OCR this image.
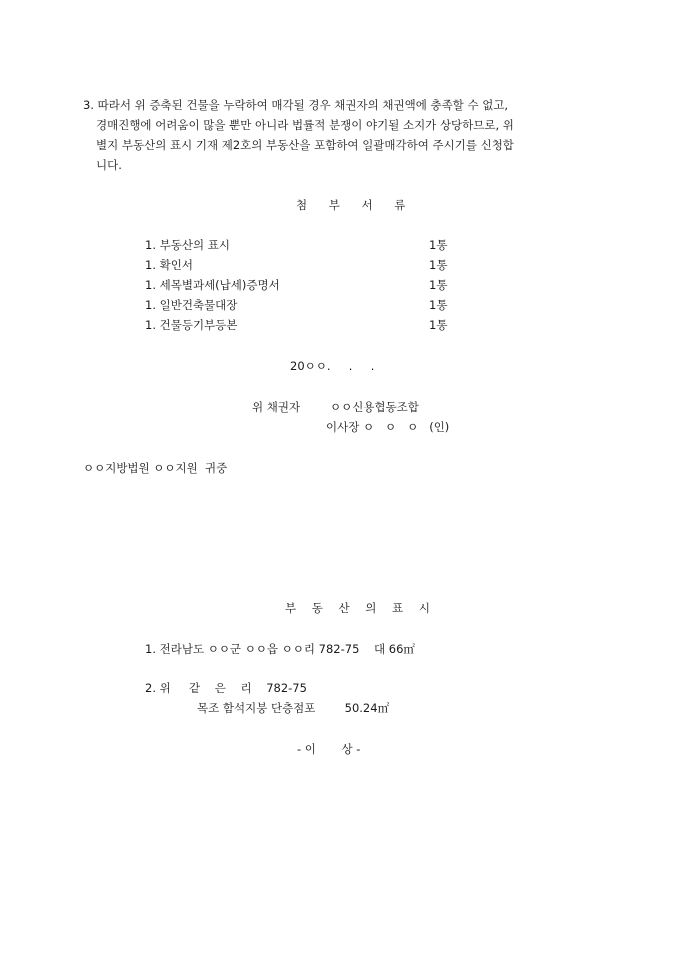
3. 따라서 위 증축된 건물을 누락하여 매각될 경우 채권자의 채권액에 충족할 수 없고,
경매진행에 어려움이 많을 뿐만 아니라 법률적 분쟁이 야기될 소지가 상당하므로, 위
별지 부동산의 표시 기재 제2호의 부동산을 포함하여 일괄매각하여 주시기를 신청합
니다.
첨 부 서 류
1. 부동산의 표시	1통
1. 확인서	1통
1. 세목별과세(납세)증명서	1통
1. 일반건축물대장	1통
1. 건물등기부등본	1통
20ㅇㅇ.     .     .
위 채권자	ㅇㅇ신용협동조합
이사장 ㅇ   ㅇ   ㅇ   (인)
ㅇㅇ지방법원 ㅇㅇ지원  귀중
부 동 산 의 표 시
1. 전라남도 ㅇㅇ군 ㅇㅇ읍 ㅇㅇ리 782-75    대 66㎡
2. 위     같    은    리    782-75
목조 함석지붕 단층점포        50.24㎡
- 이       상 -
